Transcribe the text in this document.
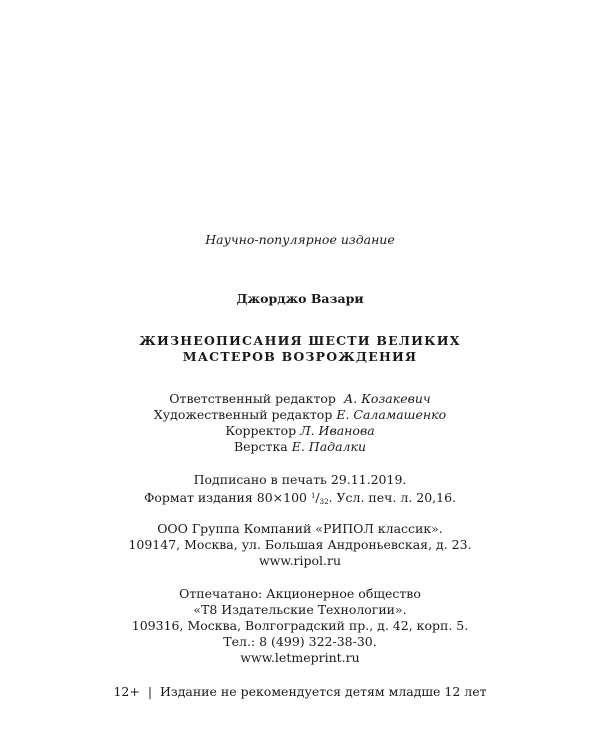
Научно-популярное издание
Джорджо Вазари
ЖИЗНЕОПИСАНИЯ ШЕСТИ ВЕЛИКИХ
МАСТЕРОВ ВОЗРОЖДЕНИЯ
Ответственный редактор А. Козакевич
Художественный редактор Е. Саламашенко
Корректор Л. Иванова
Верстка Е. Падалки
Подписано в печать 29.11.2019.
Формат издания 80×100 $^1/_{32}$. Усл. печ. л. 20,16.
ООО Группа Компаний «РИПОЛ классик».
109147, Москва, ул. Большая Андроньевская, д. 23.
www.ripol.ru
Отпечатано: Акционерное общество
«Т8 Издательские Технологии».
109316, Москва, Волгоградский пр., д. 42, корп. 5.
Тел.: 8 (499) 322-38-30.
www.letmeprint.ru
12+ | Издание не рекомендуется детям младше 12 лет
